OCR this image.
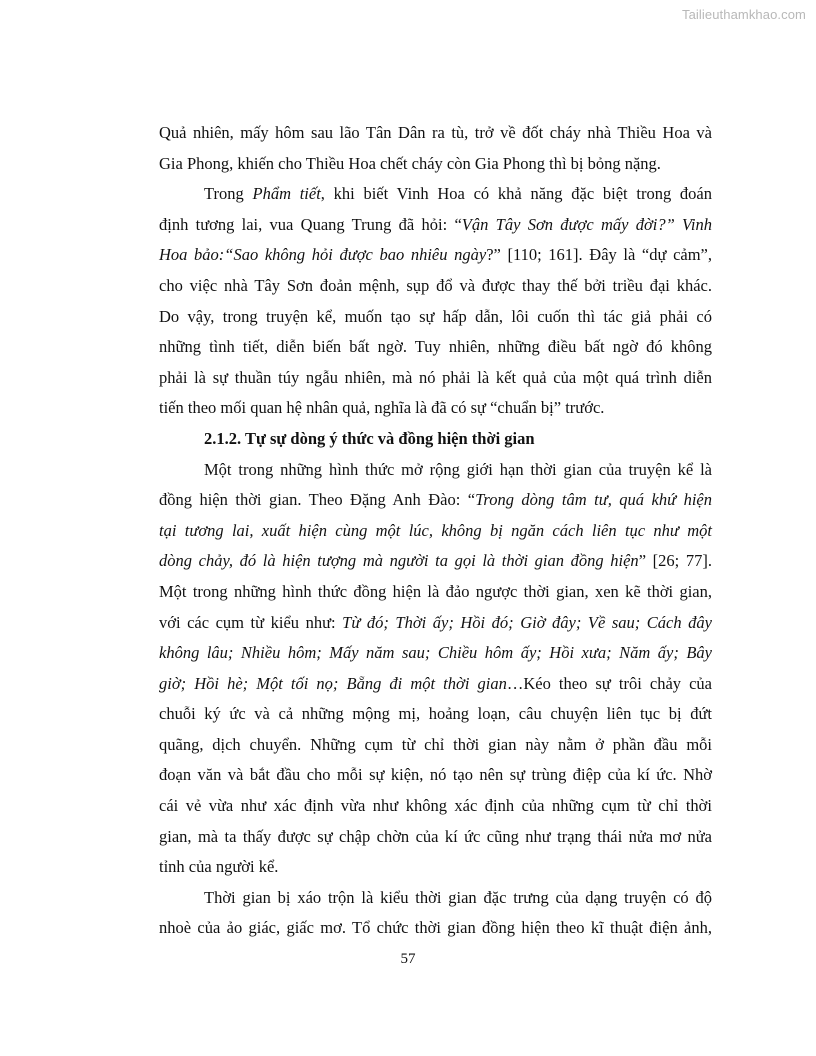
Tailieuthamkhao.com
Quả nhiên, mấy hôm sau lão Tân Dân ra tù, trở về đốt cháy nhà Thiều Hoa và
Gia Phong, khiến cho Thiều Hoa chết cháy còn Gia Phong thì bị bỏng nặng.
Trong Phẩm tiết, khi biết Vinh Hoa có khả năng đặc biệt trong đoán
định tương lai, vua Quang Trung đã hỏi: “Vận Tây Sơn được mấy đời?” Vinh
Hoa bảo:“Sao không hỏi được bao nhiêu ngày?” [110; 161]. Đây là “dự cảm”,
cho việc nhà Tây Sơn đoản mệnh, sụp đổ và được thay thế bởi triều đại khác.
Do vậy, trong truyện kể, muốn tạo sự hấp dẫn, lôi cuốn thì tác giả phải có
những tình tiết, diễn biến bất ngờ. Tuy nhiên, những điều bất ngờ đó không
phải là sự thuần túy ngẫu nhiên, mà nó phải là kết quả của một quá trình diễn
tiến theo mối quan hệ nhân quả, nghĩa là đã có sự “chuẩn bị” trước.
2.1.2. Tự sự dòng ý thức và đồng hiện thời gian
Một trong những hình thức mở rộng giới hạn thời gian của truyện kể là
đồng hiện thời gian. Theo Đặng Anh Đào: “Trong dòng tâm tư, quá khứ hiện
tại tương lai, xuất hiện cùng một lúc, không bị ngăn cách liên tục như một
dòng chảy, đó là hiện tượng mà người ta gọi là thời gian đồng hiện” [26; 77].
Một trong những hình thức đồng hiện là đảo ngược thời gian, xen kẽ thời gian,
với các cụm từ kiểu như: Từ đó; Thời ấy; Hồi đó; Giờ đây; Về sau; Cách đây
không lâu; Nhiều hôm; Mấy năm sau; Chiều hôm ấy; Hồi xưa; Năm ấy; Bây
giờ; Hồi hè; Một tối nọ; Bẵng đi một thời gian…Kéo theo sự trôi chảy của
chuỗi ký ức và cả những mộng mị, hoảng loạn, câu chuyện liên tục bị đứt
quãng, dịch chuyển. Những cụm từ chỉ thời gian này nằm ở phần đầu mỗi
đoạn văn và bắt đầu cho mỗi sự kiện, nó tạo nên sự trùng điệp của kí ức. Nhờ
cái vẻ vừa như xác định vừa như không xác định của những cụm từ chỉ thời
gian, mà ta thấy được sự chập chờn của kí ức cũng như trạng thái nửa mơ nửa
tỉnh của người kể.
Thời gian bị xáo trộn là kiểu thời gian đặc trưng của dạng truyện có độ
nhoè của ảo giác, giấc mơ. Tổ chức thời gian đồng hiện theo kĩ thuật điện ảnh,
57
